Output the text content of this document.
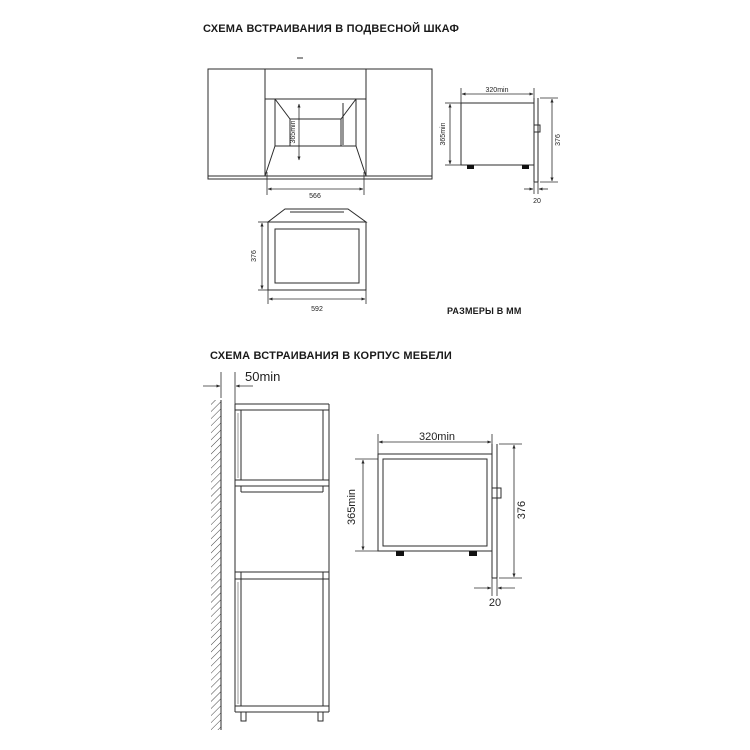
СХЕМА ВСТРАИВАНИЯ В ПОДВЕСНОЙ ШКАФ
РАЗМЕРЫ В ММ
СХЕМА ВСТРАИВАНИЯ В КОРПУС МЕБЕЛИ
365min
566
320min
365min	376
20
376
592
50min
320min
365min	376
20
